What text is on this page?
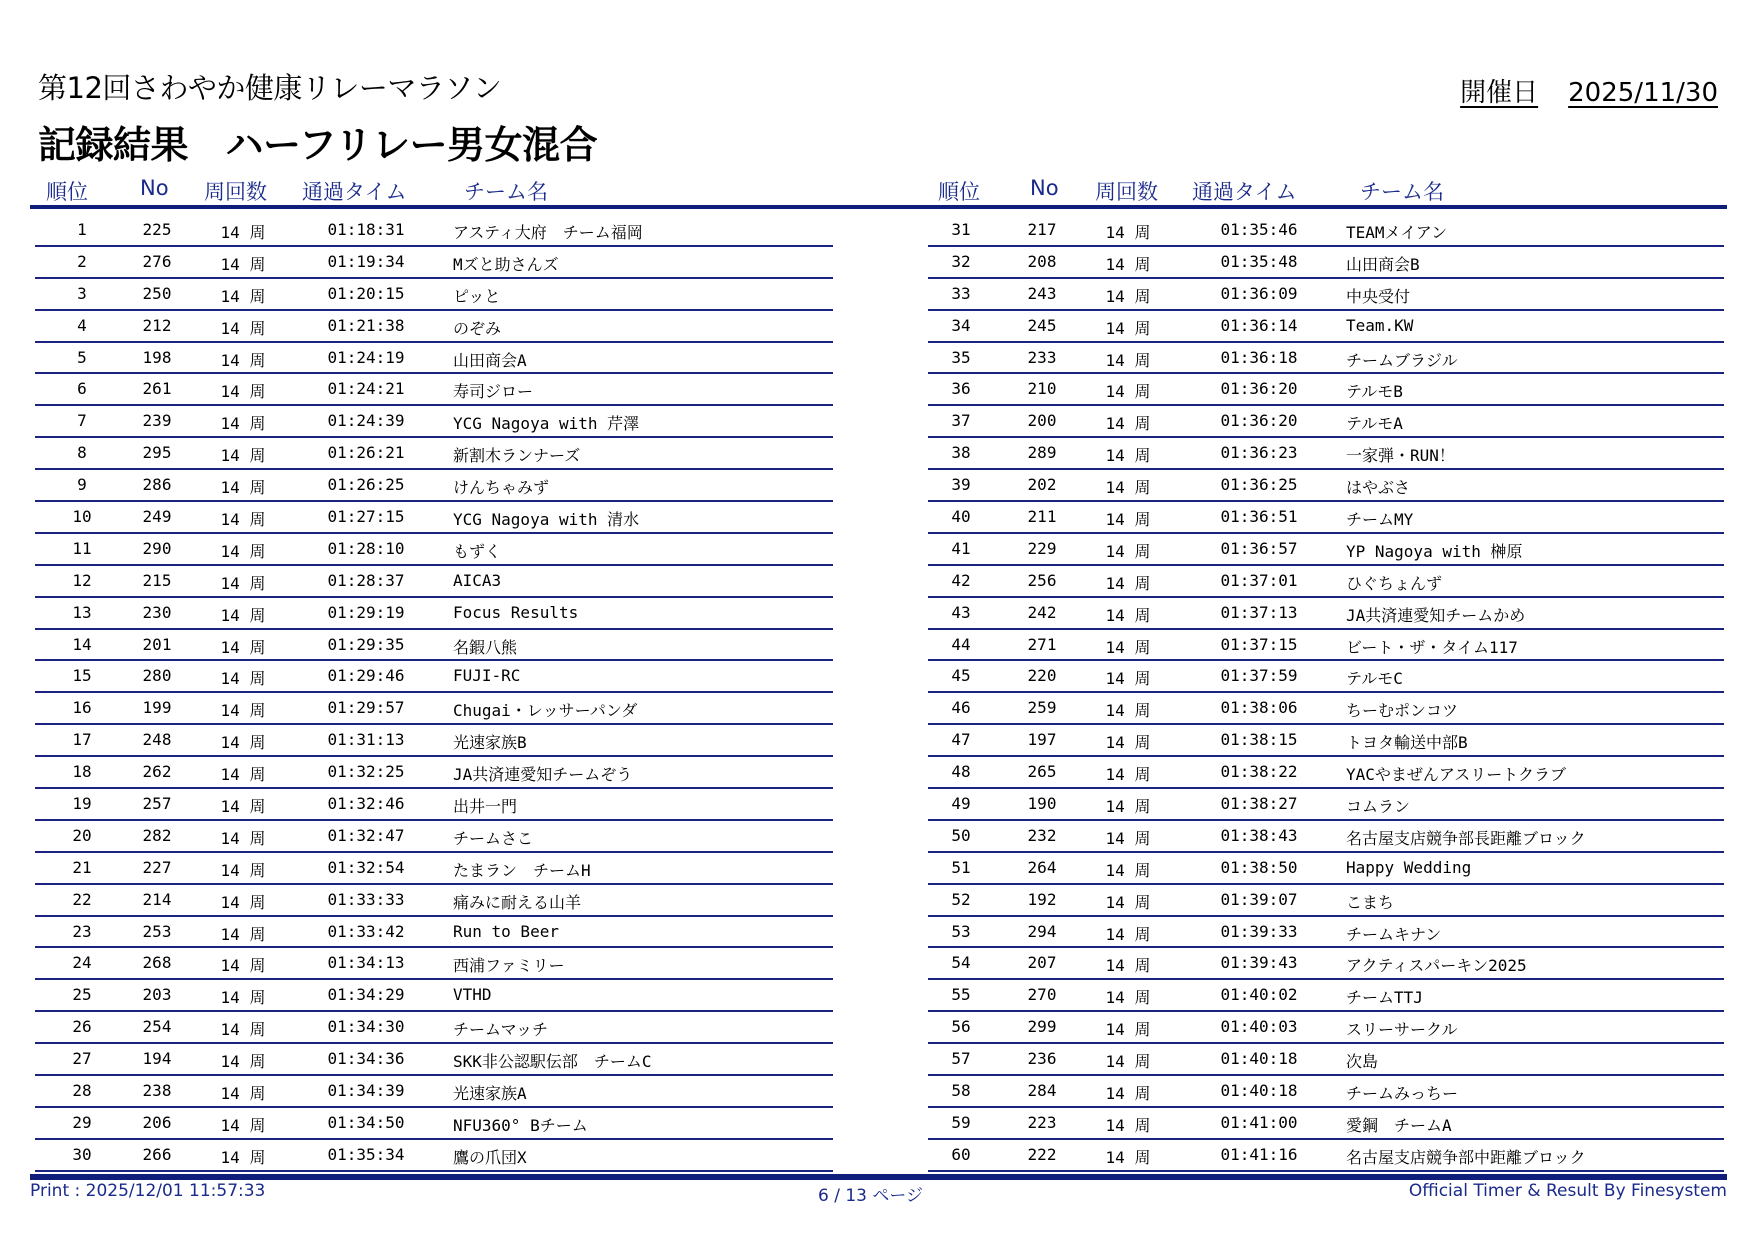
第12回さわやか健康リレーマラソン
記録結果　ハーフリレー男女混合
開催日 2025/11/30
順位 No 周回数 通過タイム	チーム名	順位 No 周回数 通過タイム	チーム名
1	225	14 周	01:18:31	アスティ大府　チーム福岡
2	276	14 周	01:19:34	Mズと助さんズ
3	250	14 周	01:20:15	ピッと
4	212	14 周	01:21:38	のぞみ
5	198	14 周	01:24:19	山田商会A
6	261	14 周	01:24:21	寿司ジロー
7	239	14 周	01:24:39	YCG Nagoya with 芹澤
8	295	14 周	01:26:21	新割木ランナーズ
9	286	14 周	01:26:25	けんちゃみず
10	249	14 周	01:27:15	YCG Nagoya with 清水
11	290	14 周	01:28:10	もずく
12	215	14 周	01:28:37	AICA3
13	230	14 周	01:29:19	Focus Results
14	201	14 周	01:29:35	名鍜八熊
15	280	14 周	01:29:46	FUJI-RC
16	199	14 周	01:29:57	Chugai・レッサーパンダ
17	248	14 周	01:31:13	光速家族B
18	262	14 周	01:32:25	JA共済連愛知チームぞう
19	257	14 周	01:32:46	出井一門
20	282	14 周	01:32:47	チームさこ
21	227	14 周	01:32:54	たまラン　チームH
22	214	14 周	01:33:33	痛みに耐える山羊
23	253	14 周	01:33:42	Run to Beer
24	268	14 周	01:34:13	西浦ファミリー
25	203	14 周	01:34:29	VTHD
26	254	14 周	01:34:30	チームマッチ
27	194	14 周	01:34:36	SKK非公認駅伝部　チームC
28	238	14 周	01:34:39	光速家族A
29	206	14 周	01:34:50	NFU360° Bチーム
30	266	14 周	01:35:34	鷹の爪団X
31	217	14 周	01:35:46	TEAMメイアン
32	208	14 周	01:35:48	山田商会B
33	243	14 周	01:36:09	中央受付
34	245	14 周	01:36:14	Team.KW
35	233	14 周	01:36:18	チームブラジル
36	210	14 周	01:36:20	テルモB
37	200	14 周	01:36:20	テルモA
38	289	14 周	01:36:23	一家弾・RUN！
39	202	14 周	01:36:25	はやぶさ
40	211	14 周	01:36:51	チームMY
41	229	14 周	01:36:57	YP Nagoya with 榊原
42	256	14 周	01:37:01	ひぐちょんず
43	242	14 周	01:37:13	JA共済連愛知チームかめ
44	271	14 周	01:37:15	ビート・ザ・タイム117
45	220	14 周	01:37:59	テルモC
46	259	14 周	01:38:06	ちーむポンコツ
47	197	14 周	01:38:15	トヨタ輸送中部B
48	265	14 周	01:38:22	YACやまぜんアスリートクラブ
49	190	14 周	01:38:27	コムラン
50	232	14 周	01:38:43	名古屋支店競争部長距離ブロック
51	264	14 周	01:38:50	Happy Wedding
52	192	14 周	01:39:07	こまち
53	294	14 周	01:39:33	チームキナン
54	207	14 周	01:39:43	アクティスパーキン2025
55	270	14 周	01:40:02	チームTTJ
56	299	14 周	01:40:03	スリーサークル
57	236	14 周	01:40:18	次島
58	284	14 周	01:40:18	チームみっちー
59	223	14 周	01:41:00	愛鋼　チームA
60	222	14 周	01:41:16	名古屋支店競争部中距離ブロック
Print : 2025/12/01 11:57:33	6 / 13 ページ	Official Timer & Result By Finesystem
